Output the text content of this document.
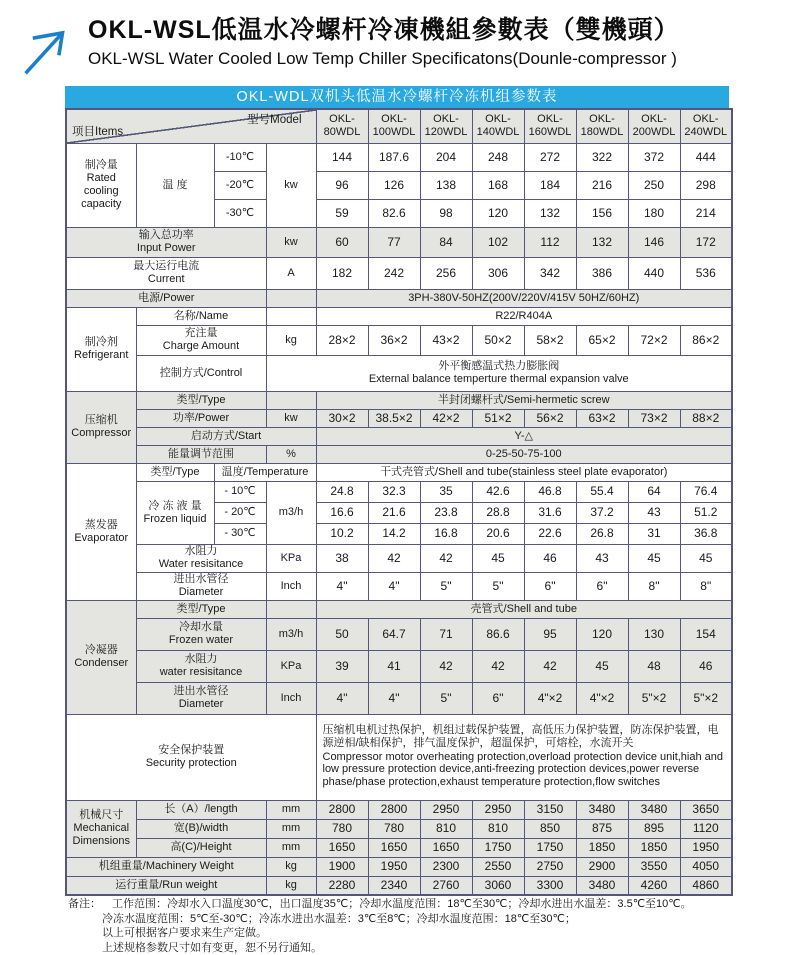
OKL-WSL低温水冷螺杆冷凍機組參數表（雙機頭）
OKL-WSL Water Cooled Low Temp Chiller Specificatons(Dounle-compressor )
OKL-WDL双机头低温水冷螺杆冷冻机组参数表
项目Items
型号Model				OKL-80WDL	OKL-100WDL	OKL-120WDL	OKL-140WDL	OKL-160WDL	OKL-180WDL	OKL-200WDL	OKL-240WDL

制冷量
Rated cooling capacity	温 度	-10℃	kw	144	187.6	204	248	272	322	372	444

		-20℃		96	126	138	168	184	216	250	298

		-30℃		59	82.6	98	120	132	156	180	214

输入总功率
Input Power			kw	60	77	84	102	112	132	146	172

最大运行电流
Current			A	182	242	256	306	342	386	440	536

电源/Power				3PH-380V-50HZ(200V/220V/415V 50HZ/60HZ)							

制冷剂
Refrigerant	名称/Name			R22/R404A							

	充注量
Charge Amount		kg	28×2	36×2	43×2	50×2	58×2	65×2	72×2	86×2

	控制方式/Control		外平衡感温式热力膨胀阀
External balance temperture thermal expansion valve								

压缩机
Compressor	类型/Type			半封闭螺杆式/Semi-hermetic screw							

	功率/Power		kw	30×2	38.5×2	42×2	51×2	56×2	63×2	73×2	88×2

	启动方式/Start			Y-△							

	能量调节范围		%	0-25-50-75-100							

蒸发器
Evaporator	类型/Type	温度/Temperature		干式壳管式/Shell and tube(stainless steel plate evaporator)							

	冷 冻 液 量
Frozen liquid	- 10℃	m3/h	24.8	32.3	35	42.6	46.8	55.4	64	76.4

		- 20℃		16.6	21.6	23.8	28.8	31.6	37.2	43	51.2

		- 30℃		10.2	14.2	16.8	20.6	22.6	26.8	31	36.8

	水阻力
Water resisitance		KPa	38	42	42	45	46	43	45	45

	进出水管径
Diameter		Inch	4"	4"	5"	5"	6"	6"	8"	8"

冷凝器
Condenser	类型/Type			壳管式/Shell and tube							

	冷却水量
Frozen water		m3/h	50	64.7	71	86.6	95	120	130	154

	水阻力
water resisitance		KPa	39	41	42	42	42	45	48	46

	进出水管径
Diameter		Inch	4"	4"	5"	6"	4"×2	4"×2	5"×2	5"×2

安全保护装置
Security protection

压缩机电机过热保护，机组过载保护装置，高低压力保护装置，防冻保护装置，电源逆相/缺相保护，排气温度保护，超温保护，可熔栓，水流开关
Compressor motor overheating protection,overload protection device unit,hiah and low pressure protection device,anti-freezing protection devices,power reverse phase/phase protection,exhaust temperature protection,flow switches

机械尺寸
Mechanical Dimensions	长（A）/length		mm	2800	2800	2950	2950	3150	3480	3480	3650

	宽(B)/width		mm	780	780	810	810	850	875	895	1120

	高(C)/Height		mm	1650	1650	1650	1750	1750	1850	1850	1950

机组重量/Machinery Weight			kg	1900	1950	2300	2550	2750	2900	3550	4050

运行重量/Run weight			kg	2280	2340	2760	3060	3300	3480	4260	4860
备注： 工作范围：冷却水入口温度30℃，出口温度35℃；冷却水温度范围：18℃至30℃；冷却水进出水温差：3.5℃至10℃。
冷冻水温度范围：5℃至-30℃；冷冻水进出水温差：3℃至8℃；冷却水温度范围：18℃至30℃；
以上可根据客户要求来生产定做。
上述规格参数尺寸如有变更，恕不另行通知。
